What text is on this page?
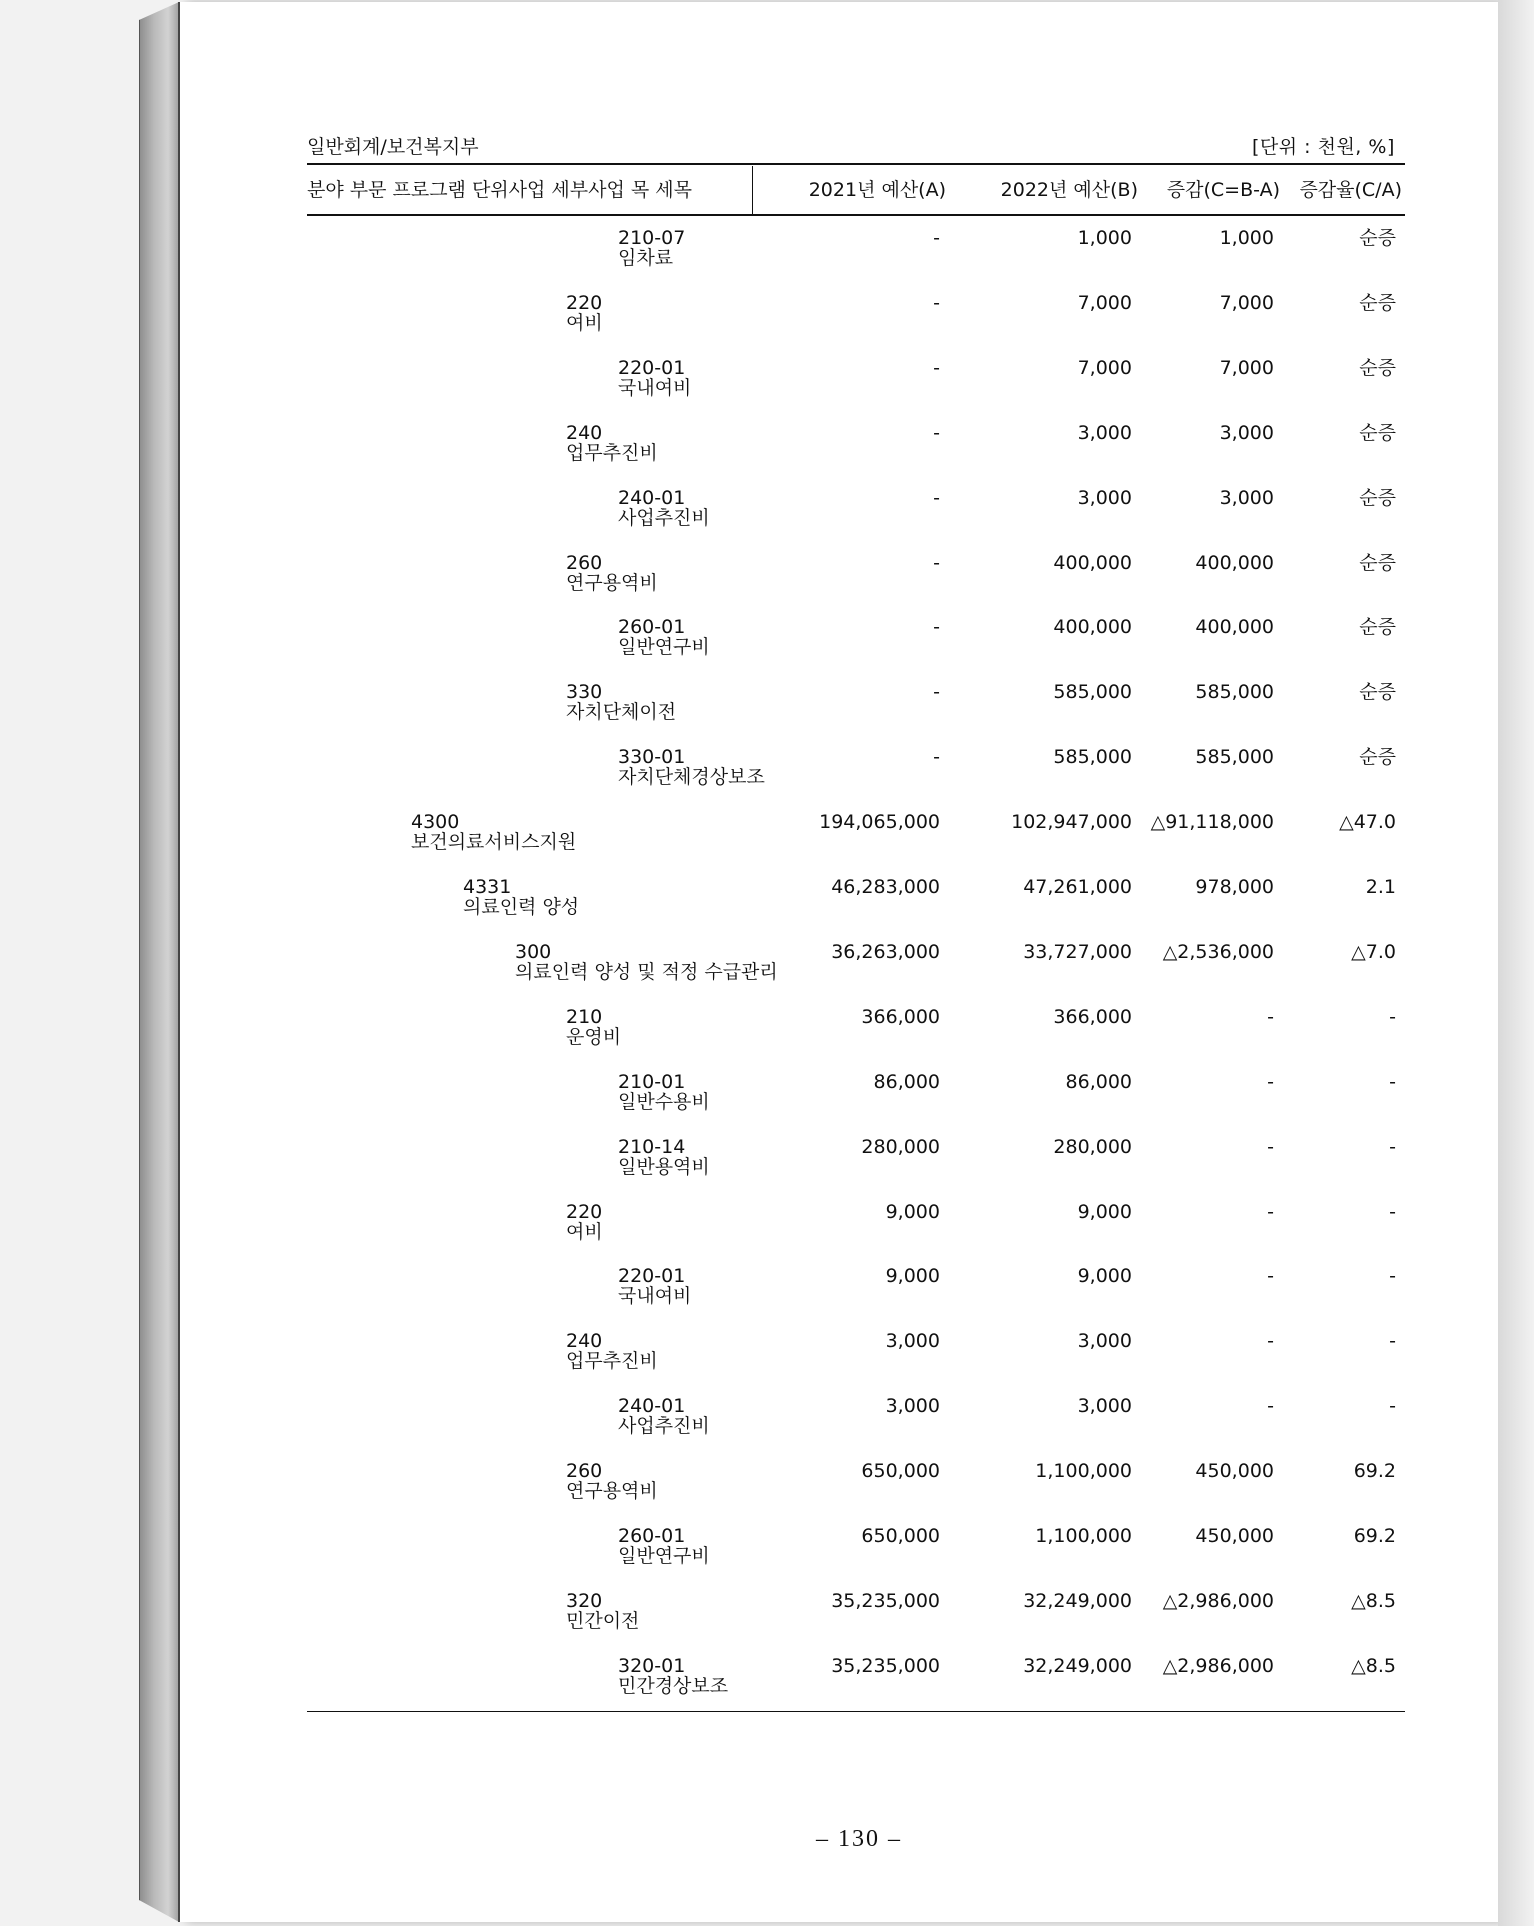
일반회계/보건복지부	[단위 : 천원, %]
분야 부문 프로그램 단위사업 세부사업 목 세목	2021년 예산(A)	2022년 예산(B)	증감(C=B-A)	증감율(C/A)
210-07
임차료
-	1,000	1,000	순증
220
여비
-	7,000	7,000	순증
220-01
국내여비
-	7,000	7,000	순증
240
업무추진비
-	3,000	3,000	순증
240-01
사업추진비
-	3,000	3,000	순증
260
연구용역비
-	400,000	400,000	순증
260-01
일반연구비
-	400,000	400,000	순증
330
자치단체이전
-	585,000	585,000	순증
330-01
자치단체경상보조
-	585,000	585,000	순증
4300
보건의료서비스지원
194,065,000	102,947,000 △91,118,000	△47.0
4331
의료인력 양성
46,283,000	47,261,000	978,000	2.1
300
의료인력 양성 및 적정 수급관리
36,263,000	33,727,000	△2,536,000	△7.0
210
운영비
366,000	366,000	-	-
210-01
일반수용비
86,000	86,000	-	-
210-14
일반용역비
280,000	280,000	-	-
220
여비
9,000	9,000	-	-
220-01
국내여비
9,000	9,000	-	-
240
업무추진비
3,000	3,000	-	-
240-01
사업추진비
3,000	3,000	-	-
260
연구용역비
650,000	1,100,000	450,000	69.2
260-01
일반연구비
650,000	1,100,000	450,000	69.2
320
민간이전
35,235,000	32,249,000	△2,986,000	△8.5
320-01
민간경상보조
35,235,000	32,249,000	△2,986,000	△8.5
– 130 –
